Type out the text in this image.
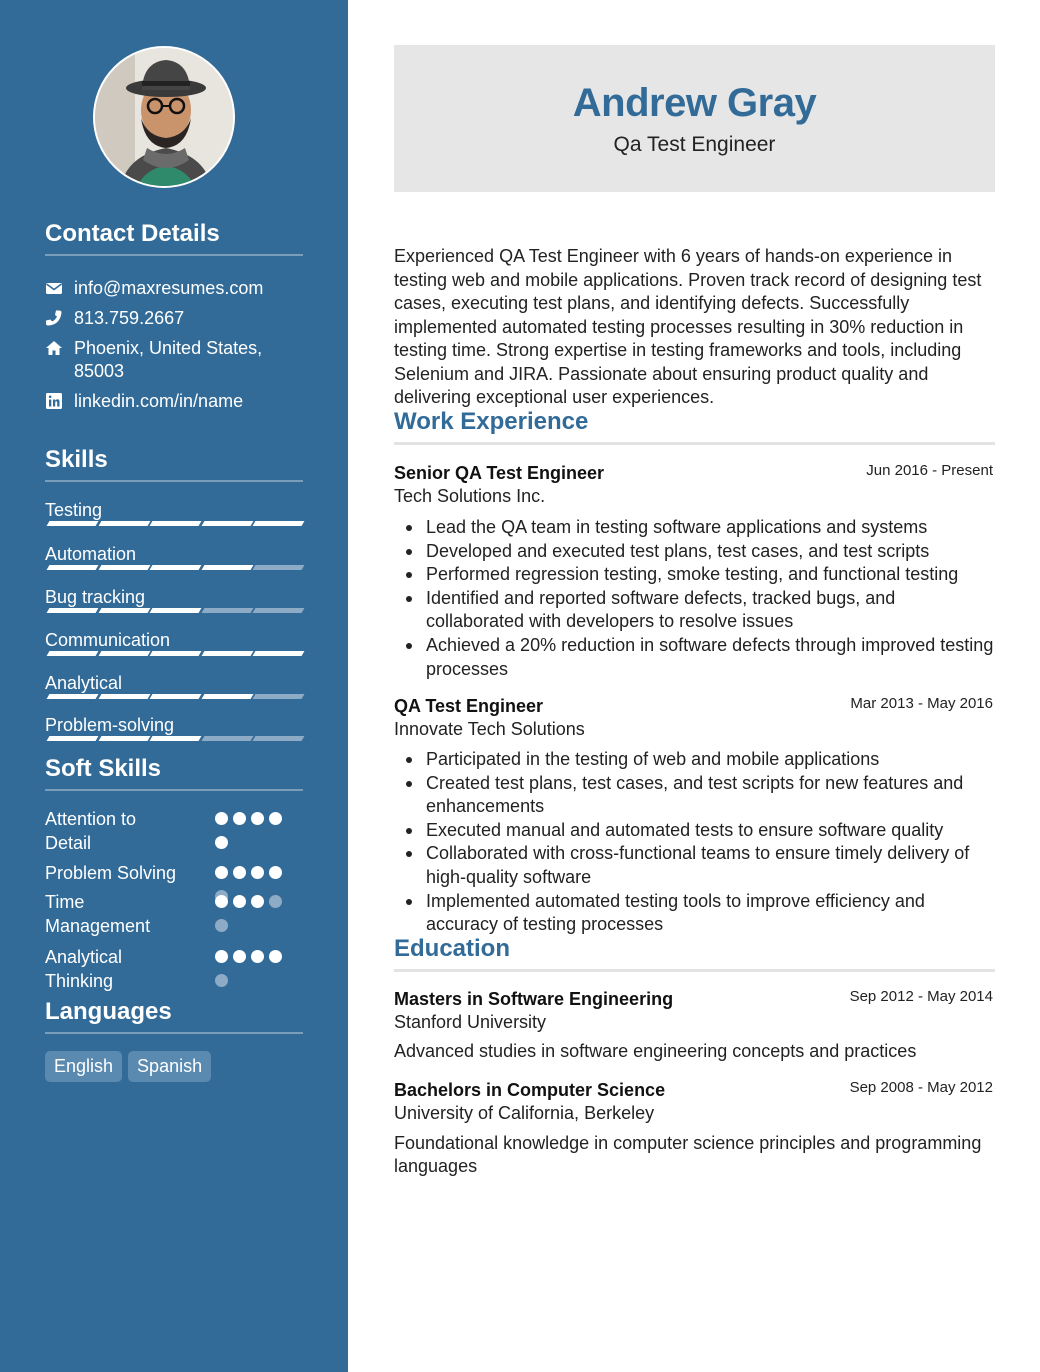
Contact Details
info@maxresumes.com
813.759.2667
Phoenix, United States,
85003
linkedin.com/in/name
Skills
Testing
Automation
Bug tracking
Communication
Analytical
Problem-solving
Soft Skills
Attention to Detail
Problem Solving
Time Management
Analytical Thinking
Languages
English	Spanish
Andrew Gray
Qa Test Engineer
Experienced QA Test Engineer with 6 years of hands-on experience in testing web and mobile applications. Proven track record of designing test cases, executing test plans, and identifying defects. Successfully implemented automated testing processes resulting in 30% reduction in testing time. Strong expertise in testing frameworks and tools, including Selenium and JIRA. Passionate about ensuring product quality and delivering exceptional user experiences.
Work Experience
Senior QA Test Engineer	Jun 2016 - Present
Tech Solutions Inc.
Lead the QA team in testing software applications and systems
Developed and executed test plans, test cases, and test scripts
Performed regression testing, smoke testing, and functional testing
Identified and reported software defects, tracked bugs, and collaborated with developers to resolve issues
Achieved a 20% reduction in software defects through improved testing processes
QA Test Engineer	Mar 2013 - May 2016
Innovate Tech Solutions
Participated in the testing of web and mobile applications
Created test plans, test cases, and test scripts for new features and enhancements
Executed manual and automated tests to ensure software quality
Collaborated with cross-functional teams to ensure timely delivery of high-quality software
Implemented automated testing tools to improve efficiency and accuracy of testing processes
Education
Masters in Software Engineering	Sep 2012 - May 2014
Stanford University
Advanced studies in software engineering concepts and practices
Bachelors in Computer Science	Sep 2008 - May 2012
University of California, Berkeley
Foundational knowledge in computer science principles and programming languages
